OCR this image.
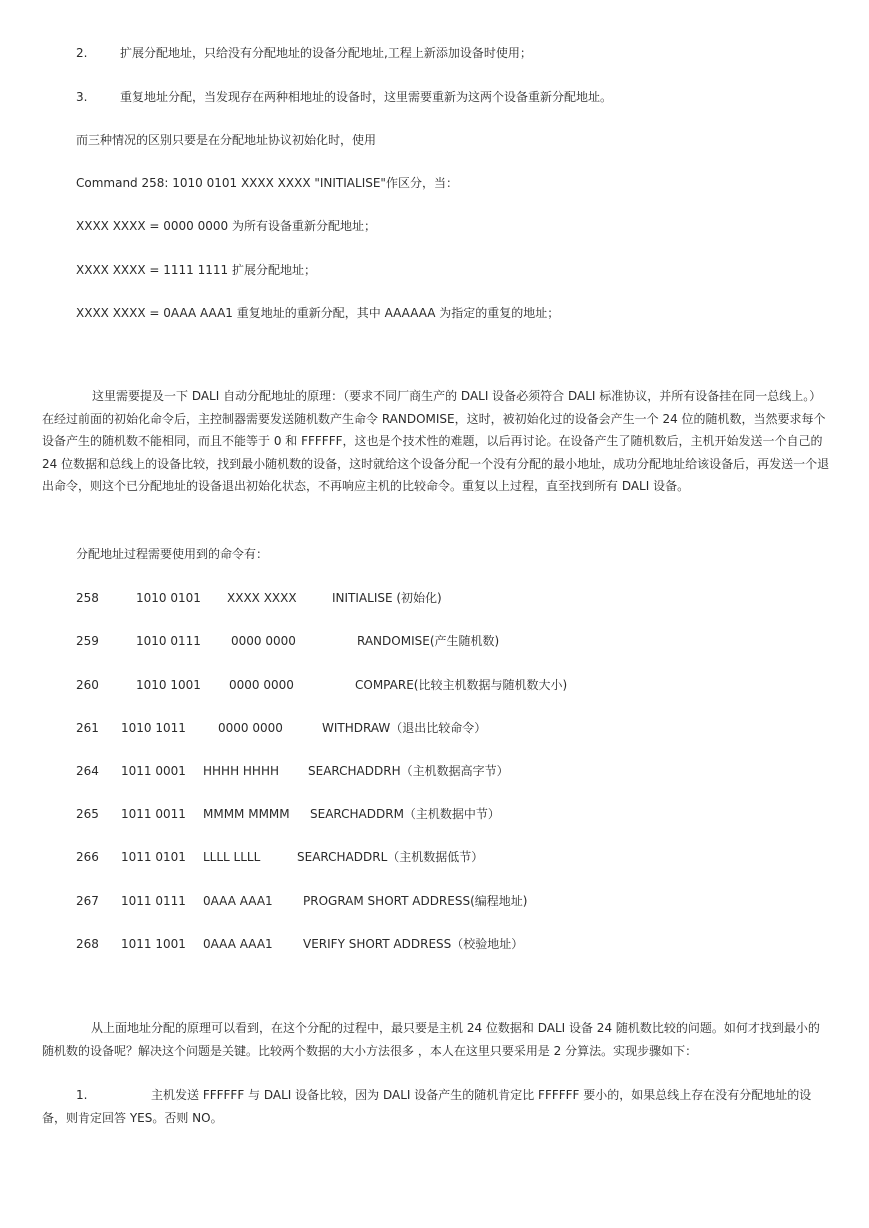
2.	扩展分配地址，只给没有分配地址的设备分配地址,工程上新添加设备时使用；
3.	重复地址分配，当发现存在两种相地址的设备时，这里需要重新为这两个设备重新分配地址。
而三种情况的区别只要是在分配地址协议初始化时，使用
Command 258: 1010 0101 XXXX XXXX "INITIALISE"作区分，当：
XXXX XXXX = 0000 0000 为所有设备重新分配地址；
XXXX XXXX = 1111 1111 扩展分配地址；
XXXX XXXX = 0AAA AAA1 重复地址的重新分配，其中 AAAAAA 为指定的重复的地址；
这里需要提及一下 DALI 自动分配地址的原理：（要求不同厂商生产的 DALI 设备必须符合 DALI 标准协议，并所有设备挂在同一总线上。）在经过前面的初始化命令后，主控制器需要发送随机数产生命令 RANDOMISE，这时，被初始化过的设备会产生一个 24 位的随机数，当然要求每个设备产生的随机数不能相同，而且不能等于 0 和 FFFFFF，这也是个技术性的难题，以后再讨论。在设备产生了随机数后，主机开始发送一个自己的 24 位数据和总线上的设备比较，找到最小随机数的设备，这时就给这个设备分配一个没有分配的最小地址，成功分配地址给该设备后，再发送一个退出命令，则这个已分配地址的设备退出初始化状态，不再响应主机的比较命令。重复以上过程，直至找到所有 DALI 设备。
分配地址过程需要使用到的命令有：
258	1010 0101 XXXX XXXX	INITIALISE (初始化)
259	1010 0111	0000 0000	RANDOMISE(产生随机数)
260	1010 1001 0000 0000	COMPARE(比较主机数据与随机数大小)
261 1010 1011	0000 0000	WITHDRAW（退出比较命令）
264 1011 0001 HHHH HHHH SEARCHADDRH（主机数据高字节）
265 1011 0011 MMMM MMMM SEARCHADDRM（主机数据中节）
266 1011 0101 LLLL LLLL	SEARCHADDRL（主机数据低节）
267 1011 0111 0AAA AAA1	PROGRAM SHORT ADDRESS(编程地址)
268 1011 1001 0AAA AAA1	VERIFY SHORT ADDRESS（校验地址）
从上面地址分配的原理可以看到，在这个分配的过程中，最只要是主机 24 位数据和 DALI 设备 24 随机数比较的问题。如何才找到最小的随机数的设备呢？解决这个问题是关键。比较两个数据的大小方法很多 ，本人在这里只要采用是 2 分算法。实现步骤如下：
1.	主机发送 FFFFFF 与 DALI 设备比较，因为 DALI 设备产生的随机肯定比 FFFFFF 要小的，如果总线上存在没有分配地址的设备，则肯定回答 YES。否则 NO。
